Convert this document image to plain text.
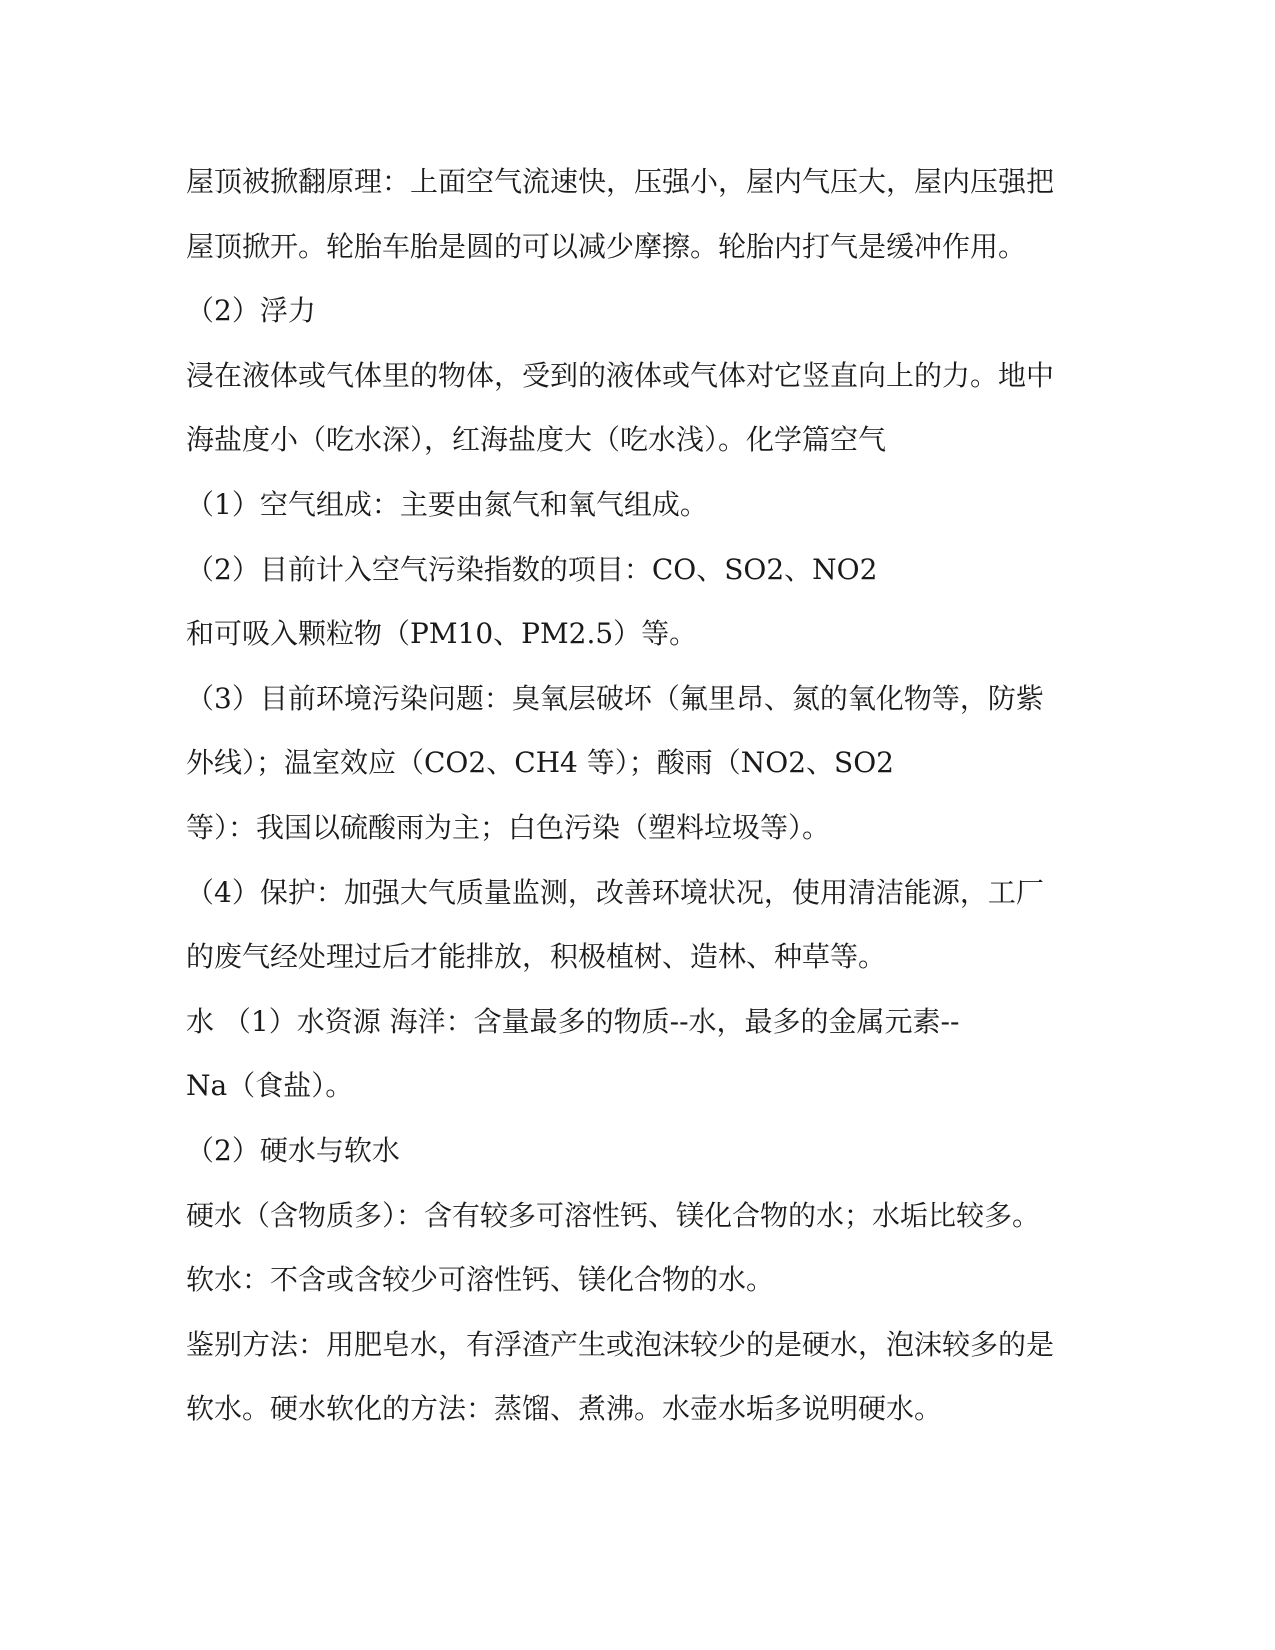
屋顶被掀翻原理：上面空气流速快，压强小，屋内气压大，屋内压强把
屋顶掀开。轮胎车胎是圆的可以减少摩擦。轮胎内打气是缓冲作用。
（2）浮力
浸在液体或气体里的物体，受到的液体或气体对它竖直向上的力。地中
海盐度小（吃水深），红海盐度大（吃水浅）。化学篇空气
（1）空气组成：主要由氮气和氧气组成。
（2）目前计入空气污染指数的项目：CO、SO2、NO2
和可吸入颗粒物（PM10、PM2.5）等。
（3）目前环境污染问题：臭氧层破坏（氟里昂、氮的氧化物等，防紫
外线）；温室效应（CO2、CH4 等）；酸雨（NO2、SO2
等）：我国以硫酸雨为主；白色污染（塑料垃圾等）。
（4）保护：加强大气质量监测，改善环境状况，使用清洁能源，工厂
的废气经处理过后才能排放，积极植树、造林、种草等。
水 （1）水资源 海洋：含量最多的物质--水，最多的金属元素--
Na（食盐）。
（2）硬水与软水
硬水（含物质多）：含有较多可溶性钙、镁化合物的水；水垢比较多。
软水：不含或含较少可溶性钙、镁化合物的水。
鉴别方法：用肥皂水，有浮渣产生或泡沫较少的是硬水，泡沫较多的是
软水。硬水软化的方法：蒸馏、煮沸。水壶水垢多说明硬水。
